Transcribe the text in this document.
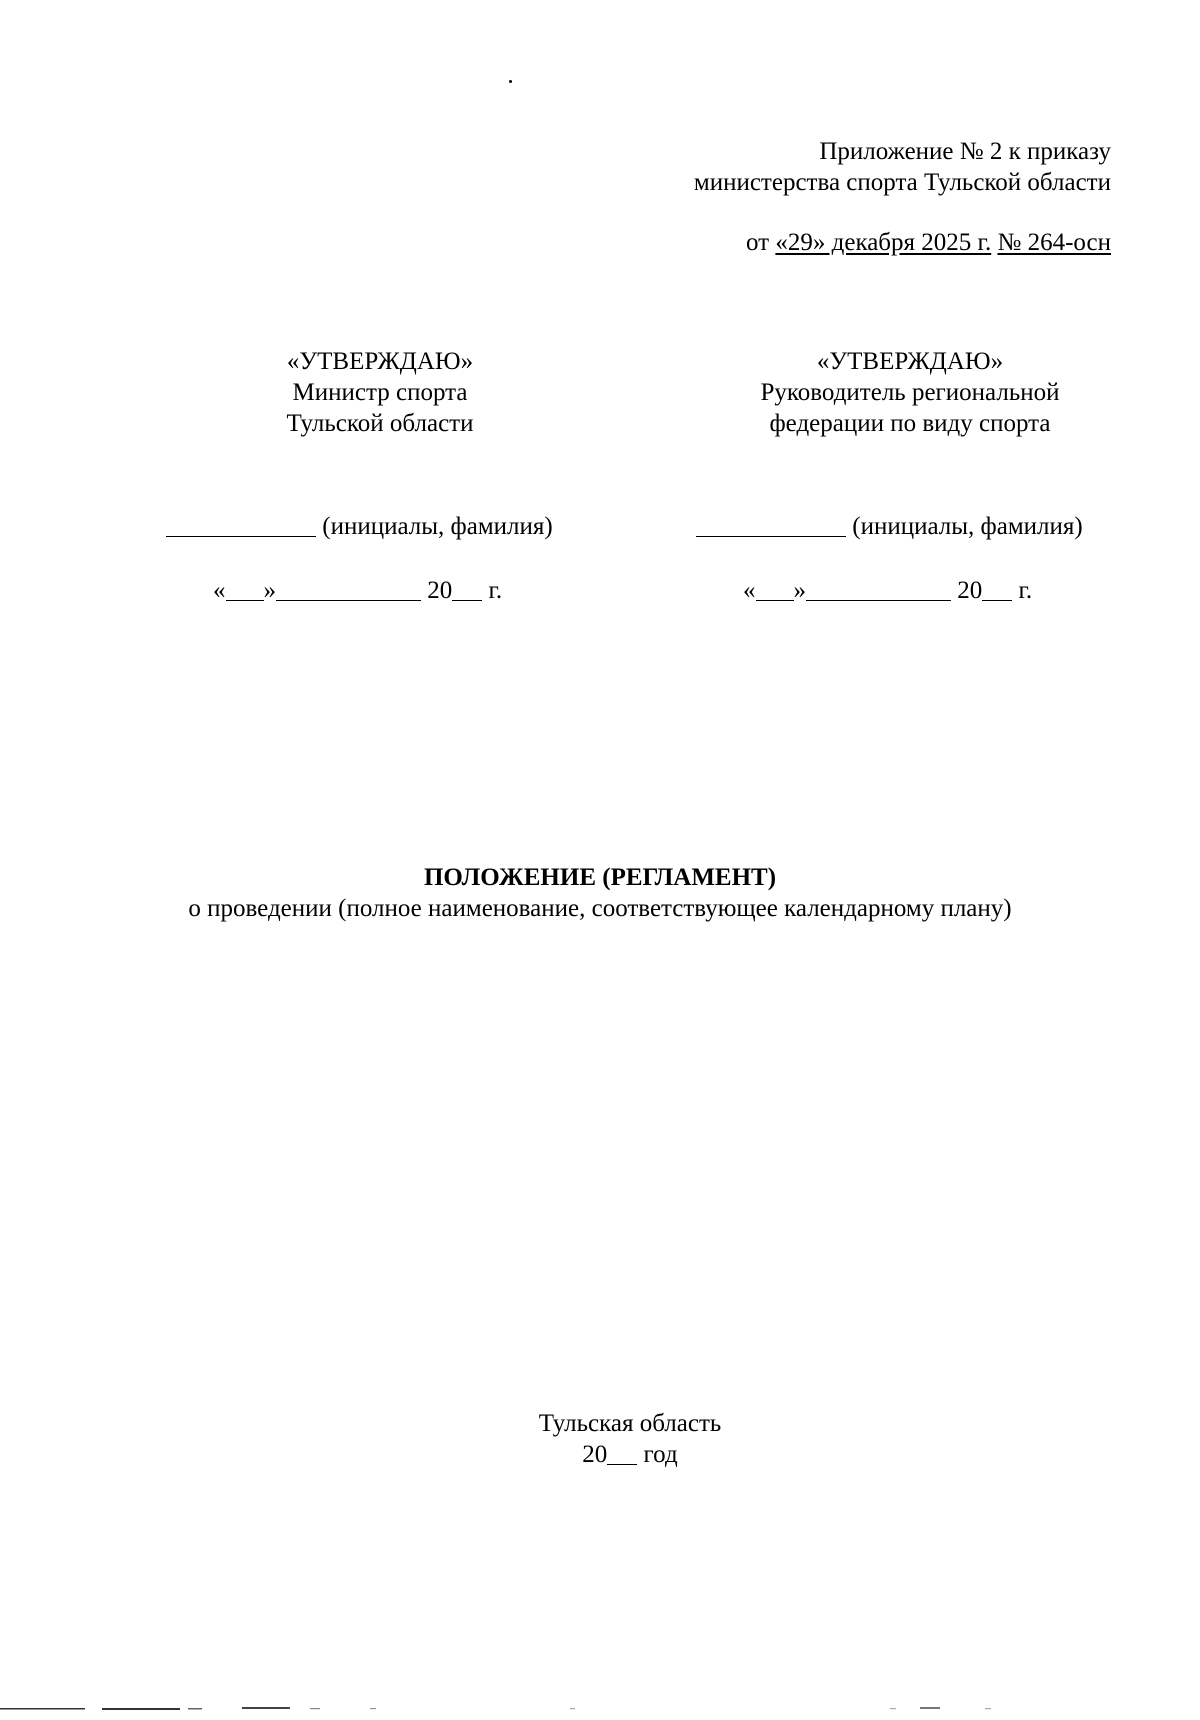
Приложение № 2 к приказу
министерства спорта Тульской области
от «29» декабря 2025 г. № 264-осн
«УТВЕРЖДАЮ»
Министр спорта
Тульской области
(инициалы, фамилия)
« »	20 г.
«УТВЕРЖДАЮ»
Руководитель региональной
федерации по виду спорта
(инициалы, фамилия)
« »	20 г.
ПОЛОЖЕНИЕ (РЕГЛАМЕНТ)
о проведении (полное наименование, соответствующее календарному плану)
Тульская область
20 год
